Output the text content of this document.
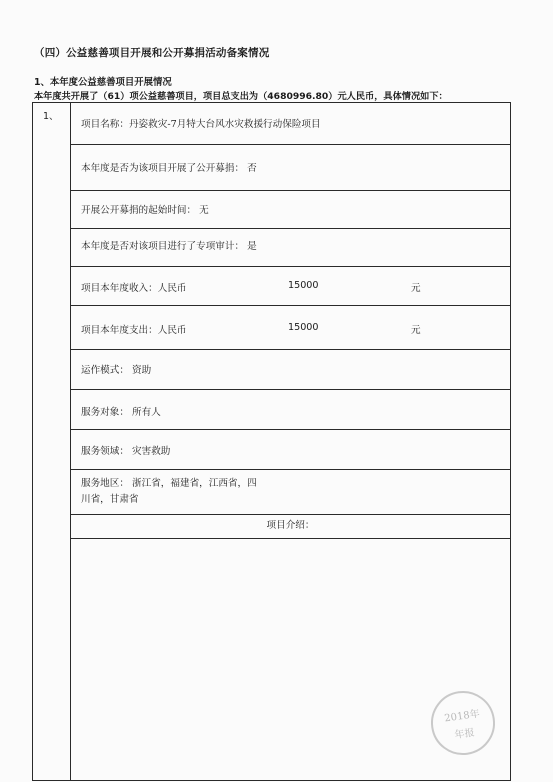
（四）公益慈善项目开展和公开募捐活动备案情况
1、本年度公益慈善项目开展情况
本年度共开展了（61）项公益慈善项目，项目总支出为（4680996.80）元人民币，具体情况如下：
1、
项目名称：丹姿救灾-7月特大台风水灾救援行动保险项目
本年度是否为该项目开展了公开募捐： 否
开展公开募捐的起始时间： 无
本年度是否对该项目进行了专项审计： 是
项目本年度收入：人民币	15000	元
项目本年度支出：人民币	15000	元
运作模式： 资助
服务对象： 所有人
服务领域： 灾害救助
服务地区： 浙江省，福建省，江西省，四川省，甘肃省
项目介绍：
2018年
年报
